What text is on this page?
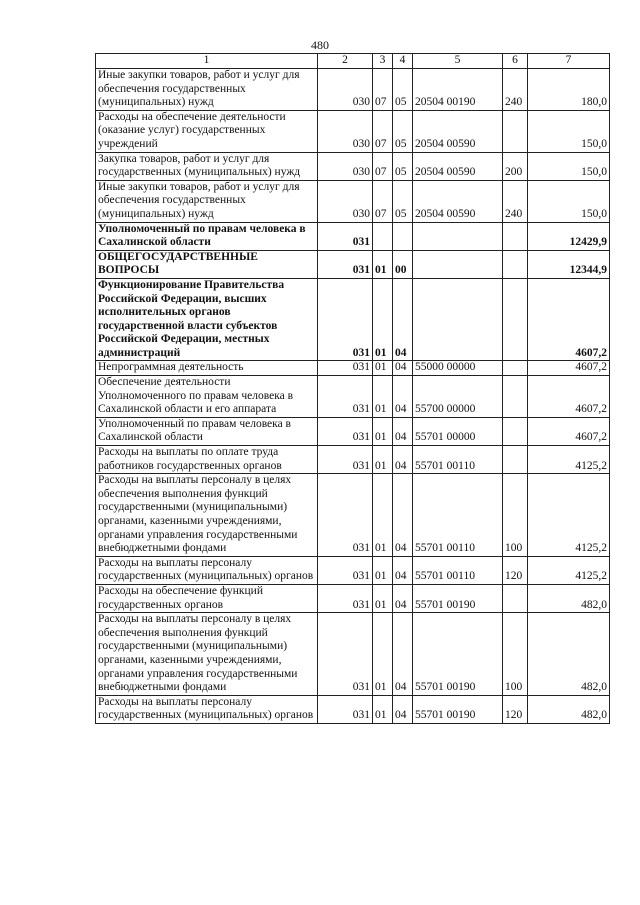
480
1	2	3	4	5	6	7
Иные закупки товаров, работ и услуг для обеспечения государственных (муниципальных) нужд	030	07	05	20504 00190	240	180,0
Расходы на обеспечение деятельности (оказание услуг) государственных учреждений	030	07	05	20504 00590		150,0
Закупка товаров, работ и услуг для государственных (муниципальных) нужд	030	07	05	20504 00590	200	150,0
Иные закупки товаров, работ и услуг для обеспечения государственных (муниципальных) нужд	030	07	05	20504 00590	240	150,0
Уполномоченный по правам человека в Сахалинской области	031					12429,9
ОБЩЕГОСУДАРСТВЕННЫЕ ВОПРОСЫ	031	01	00			12344,9
Функционирование Правительства Российской Федерации, высших исполнительных органов государственной власти субъектов Российской Федерации, местных администраций	031	01	04			4607,2
Непрограммная деятельность	031	01	04	55000 00000		4607,2
Обеспечение деятельности Уполномоченного по правам человека в Сахалинской области и его аппарата	031	01	04	55700 00000		4607,2
Уполномоченный по правам человека в Сахалинской области	031	01	04	55701 00000		4607,2
Расходы на выплаты по оплате труда работников государственных органов	031	01	04	55701 00110		4125,2
Расходы на выплаты персоналу в целях обеспечения выполнения функций государственными (муниципальными) органами, казенными учреждениями, органами управления государственными внебюджетными фондами	031	01	04	55701 00110	100	4125,2
Расходы на выплаты персоналу государственных (муниципальных) органов	031	01	04	55701 00110	120	4125,2
Расходы на обеспечение функций государственных органов	031	01	04	55701 00190		482,0
Расходы на выплаты персоналу в целях обеспечения выполнения функций государственными (муниципальными) органами, казенными учреждениями, органами управления государственными внебюджетными фондами	031	01	04	55701 00190	100	482,0
Расходы на выплаты персоналу государственных (муниципальных) органов	031	01	04	55701 00190	120	482,0
